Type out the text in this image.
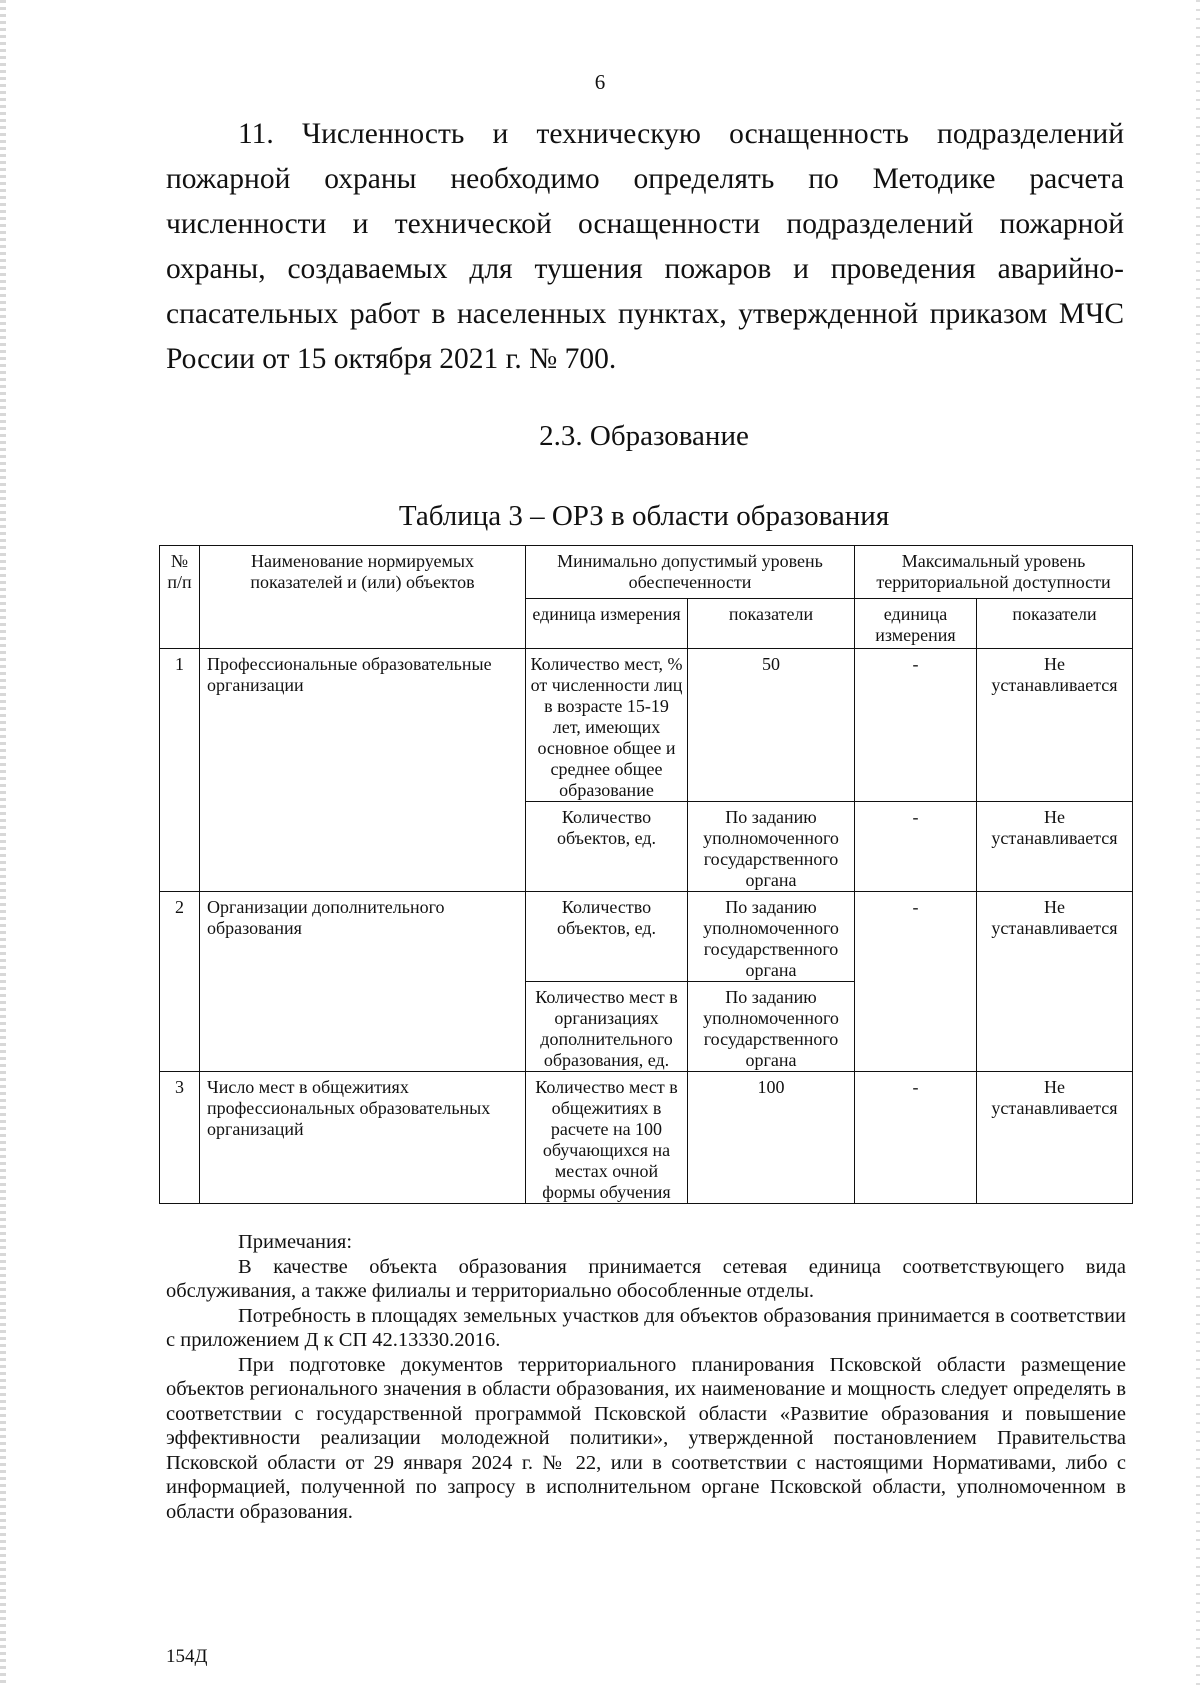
6

11. Численность и техническую оснащенность подразделений пожарной охраны необходимо определять по Методике расчета численности и технической оснащенности подразделений пожарной охраны, создаваемых для тушения пожаров и проведения аварийно-спасательных работ в населенных пунктах, утвержденной приказом МЧС России от 15 октября 2021 г. № 700.

2.3. Образование
Таблица 3 – ОРЗ в области образования
№ п/п	Наименование нормируемых показателей и (или) объектов	Минимально допустимый уровень обеспеченности		Максимальный уровень территориальной доступности	
		единица измерения	показатели	единица измерения	показатели
1	Профессиональные образовательные организации	Количество мест, % от численности лиц в возрасте 15-19 лет, имеющих основное общее и среднее общее образование	50	-	Не устанавливается
		Количество объектов, ед.	По заданию уполномоченного государственного органа	-	Не устанавливается
2	Организации дополнительного образования	Количество объектов, ед.	По заданию уполномоченного государственного органа	-	Не устанавливается
		Количество мест в организациях дополнительного образования, ед.	По заданию уполномоченного государственного органа		
3	Число мест в общежитиях профессиональных образовательных организаций	Количество мест в общежитиях в расчете на 100 обучающихся на местах очной формы обучения	100	-	Не устанавливается

Примечания:

В качестве объекта образования принимается сетевая единица соответствующего вида обслуживания, а также филиалы и территориально обособленные отделы.

Потребность в площадях земельных участков для объектов образования принимается в соответствии с приложением Д к СП 42.13330.2016.

При подготовке документов территориального планирования Псковской области размещение объектов регионального значения в области образования, их наименование и мощность следует определять в соответствии с государственной программой Псковской области «Развитие образования и повышение эффективности реализации молодежной политики», утвержденной постановлением Правительства Псковской области от 29 января 2024 г. № 22, или в соответствии с настоящими Нормативами, либо с информацией, полученной по запросу в исполнительном органе Псковской области, уполномоченном в области образования.

154Д
